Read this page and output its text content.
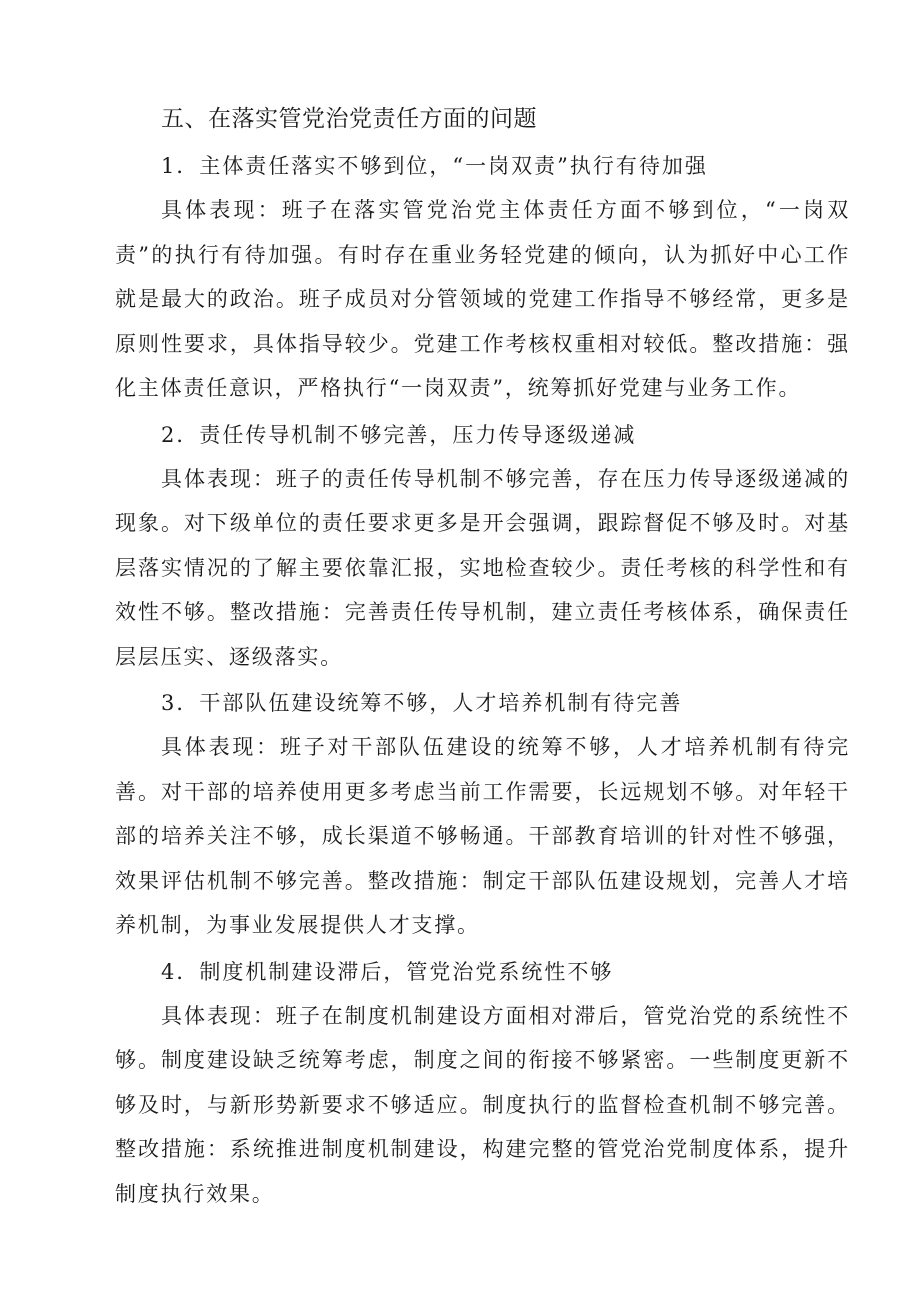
五、在落实管党治党责任方面的问题

1．主体责任落实不够到位，“一岗双责”执行有待加强

具体表现：班子在落实管党治党主体责任方面不够到位，“一岗双责”的执行有待加强。有时存在重业务轻党建的倾向，认为抓好中心工作就是最大的政治。班子成员对分管领域的党建工作指导不够经常，更多是原则性要求，具体指导较少。党建工作考核权重相对较低。整改措施：强化主体责任意识，严格执行“一岗双责”，统筹抓好党建与业务工作。

2．责任传导机制不够完善，压力传导逐级递减

具体表现：班子的责任传导机制不够完善，存在压力传导逐级递减的现象。对下级单位的责任要求更多是开会强调，跟踪督促不够及时。对基层落实情况的了解主要依靠汇报，实地检查较少。责任考核的科学性和有效性不够。整改措施：完善责任传导机制，建立责任考核体系，确保责任层层压实、逐级落实。

3．干部队伍建设统筹不够，人才培养机制有待完善

具体表现：班子对干部队伍建设的统筹不够，人才培养机制有待完善。对干部的培养使用更多考虑当前工作需要，长远规划不够。对年轻干部的培养关注不够，成长渠道不够畅通。干部教育培训的针对性不够强，效果评估机制不够完善。整改措施：制定干部队伍建设规划，完善人才培养机制，为事业发展提供人才支撑。

4．制度机制建设滞后，管党治党系统性不够

具体表现：班子在制度机制建设方面相对滞后，管党治党的系统性不够。制度建设缺乏统筹考虑，制度之间的衔接不够紧密。一些制度更新不够及时，与新形势新要求不够适应。制度执行的监督检查机制不够完善。整改措施：系统推进制度机制建设，构建完整的管党治党制度体系，提升制度执行效果。
